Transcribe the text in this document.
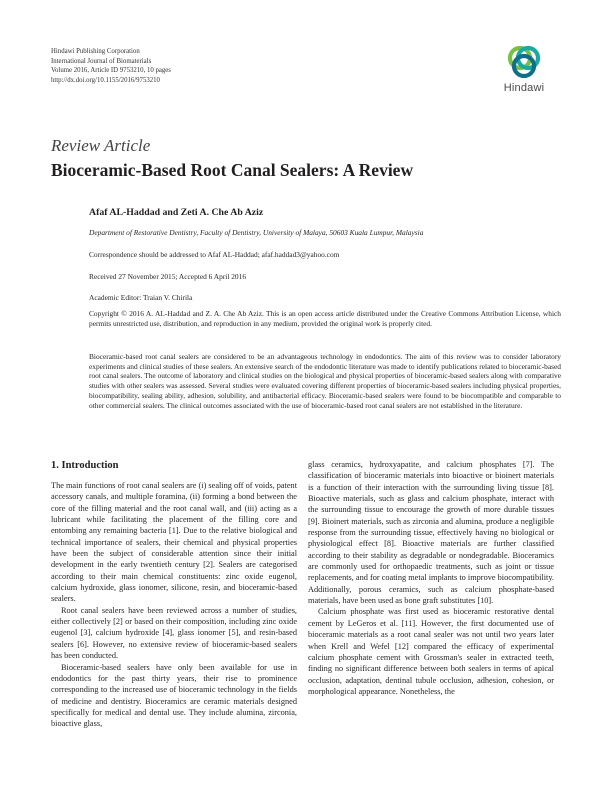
Hindawi Publishing Corporation
International Journal of Biomaterials
Volume 2016, Article ID 9753210, 10 pages
http://dx.doi.org/10.1155/2016/9753210
Hindawi
Review Article
Bioceramic-Based Root Canal Sealers: A Review
Afaf AL-Haddad and Zeti A. Che Ab Aziz
Department of Restorative Dentistry, Faculty of Dentistry, University of Malaya, 50603 Kuala Lumpur, Malaysia
Correspondence should be addressed to Afaf AL-Haddad; afaf.haddad3@yahoo.com
Received 27 November 2015; Accepted 6 April 2016
Academic Editor: Traian V. Chirila
Copyright © 2016 A. AL-Haddad and Z. A. Che Ab Aziz. This is an open access article distributed under the Creative Commons Attribution License, which permits unrestricted use, distribution, and reproduction in any medium, provided the original work is properly cited.
Bioceramic-based root canal sealers are considered to be an advantageous technology in endodontics. The aim of this review was to consider laboratory experiments and clinical studies of these sealers. An extensive search of the endodontic literature was made to identify publications related to bioceramic-based root canal sealers. The outcome of laboratory and clinical studies on the biological and physical properties of bioceramic-based sealers along with comparative studies with other sealers was assessed. Several studies were evaluated covering different properties of bioceramic-based sealers including physical properties, biocompatibility, sealing ability, adhesion, solubility, and antibacterial efficacy. Bioceramic-based sealers were found to be biocompatible and comparable to other commercial sealers. The clinical outcomes associated with the use of bioceramic-based root canal sealers are not established in the literature.
1. Introduction

The main functions of root canal sealers are (i) sealing off of voids, patent accessory canals, and multiple foramina, (ii) forming a bond between the core of the filling material and the root canal wall, and (iii) acting as a lubricant while facilitating the placement of the filling core and entombing any remaining bacteria [1]. Due to the relative biological and technical importance of sealers, their chemical and physical properties have been the subject of considerable attention since their initial development in the early twentieth century [2]. Sealers are categorised according to their main chemical constituents: zinc oxide eugenol, calcium hydroxide, glass ionomer, silicone, resin, and bioceramic-based sealers.

Root canal sealers have been reviewed across a number of studies, either collectively [2] or based on their composition, including zinc oxide eugenol [3], calcium hydroxide [4], glass ionomer [5], and resin-based sealers [6]. However, no extensive review of bioceramic-based sealers has been conducted.

Bioceramic-based sealers have only been available for use in endodontics for the past thirty years, their rise to prominence corresponding to the increased use of bioceramic technology in the fields of medicine and dentistry. Bioceramics are ceramic materials designed specifically for medical and dental use. They include alumina, zirconia, bioactive glass,

glass ceramics, hydroxyapatite, and calcium phosphates [7]. The classification of bioceramic materials into bioactive or bioinert materials is a function of their interaction with the surrounding living tissue [8]. Bioactive materials, such as glass and calcium phosphate, interact with the surrounding tissue to encourage the growth of more durable tissues [9]. Bioinert materials, such as zirconia and alumina, produce a negligible response from the surrounding tissue, effectively having no biological or physiological effect [8]. Bioactive materials are further classified according to their stability as degradable or nondegradable. Bioceramics are commonly used for orthopaedic treatments, such as joint or tissue replacements, and for coating metal implants to improve biocompatibility. Additionally, porous ceramics, such as calcium phosphate-based materials, have been used as bone graft substitutes [10].

Calcium phosphate was first used as bioceramic restorative dental cement by LeGeros et al. [11]. However, the first documented use of bioceramic materials as a root canal sealer was not until two years later when Krell and Wefel [12] compared the efficacy of experimental calcium phosphate cement with Grossman's sealer in extracted teeth, finding no significant difference between both sealers in terms of apical occlusion, adaptation, dentinal tubule occlusion, adhesion, cohesion, or morphological appearance. Nonetheless, the
